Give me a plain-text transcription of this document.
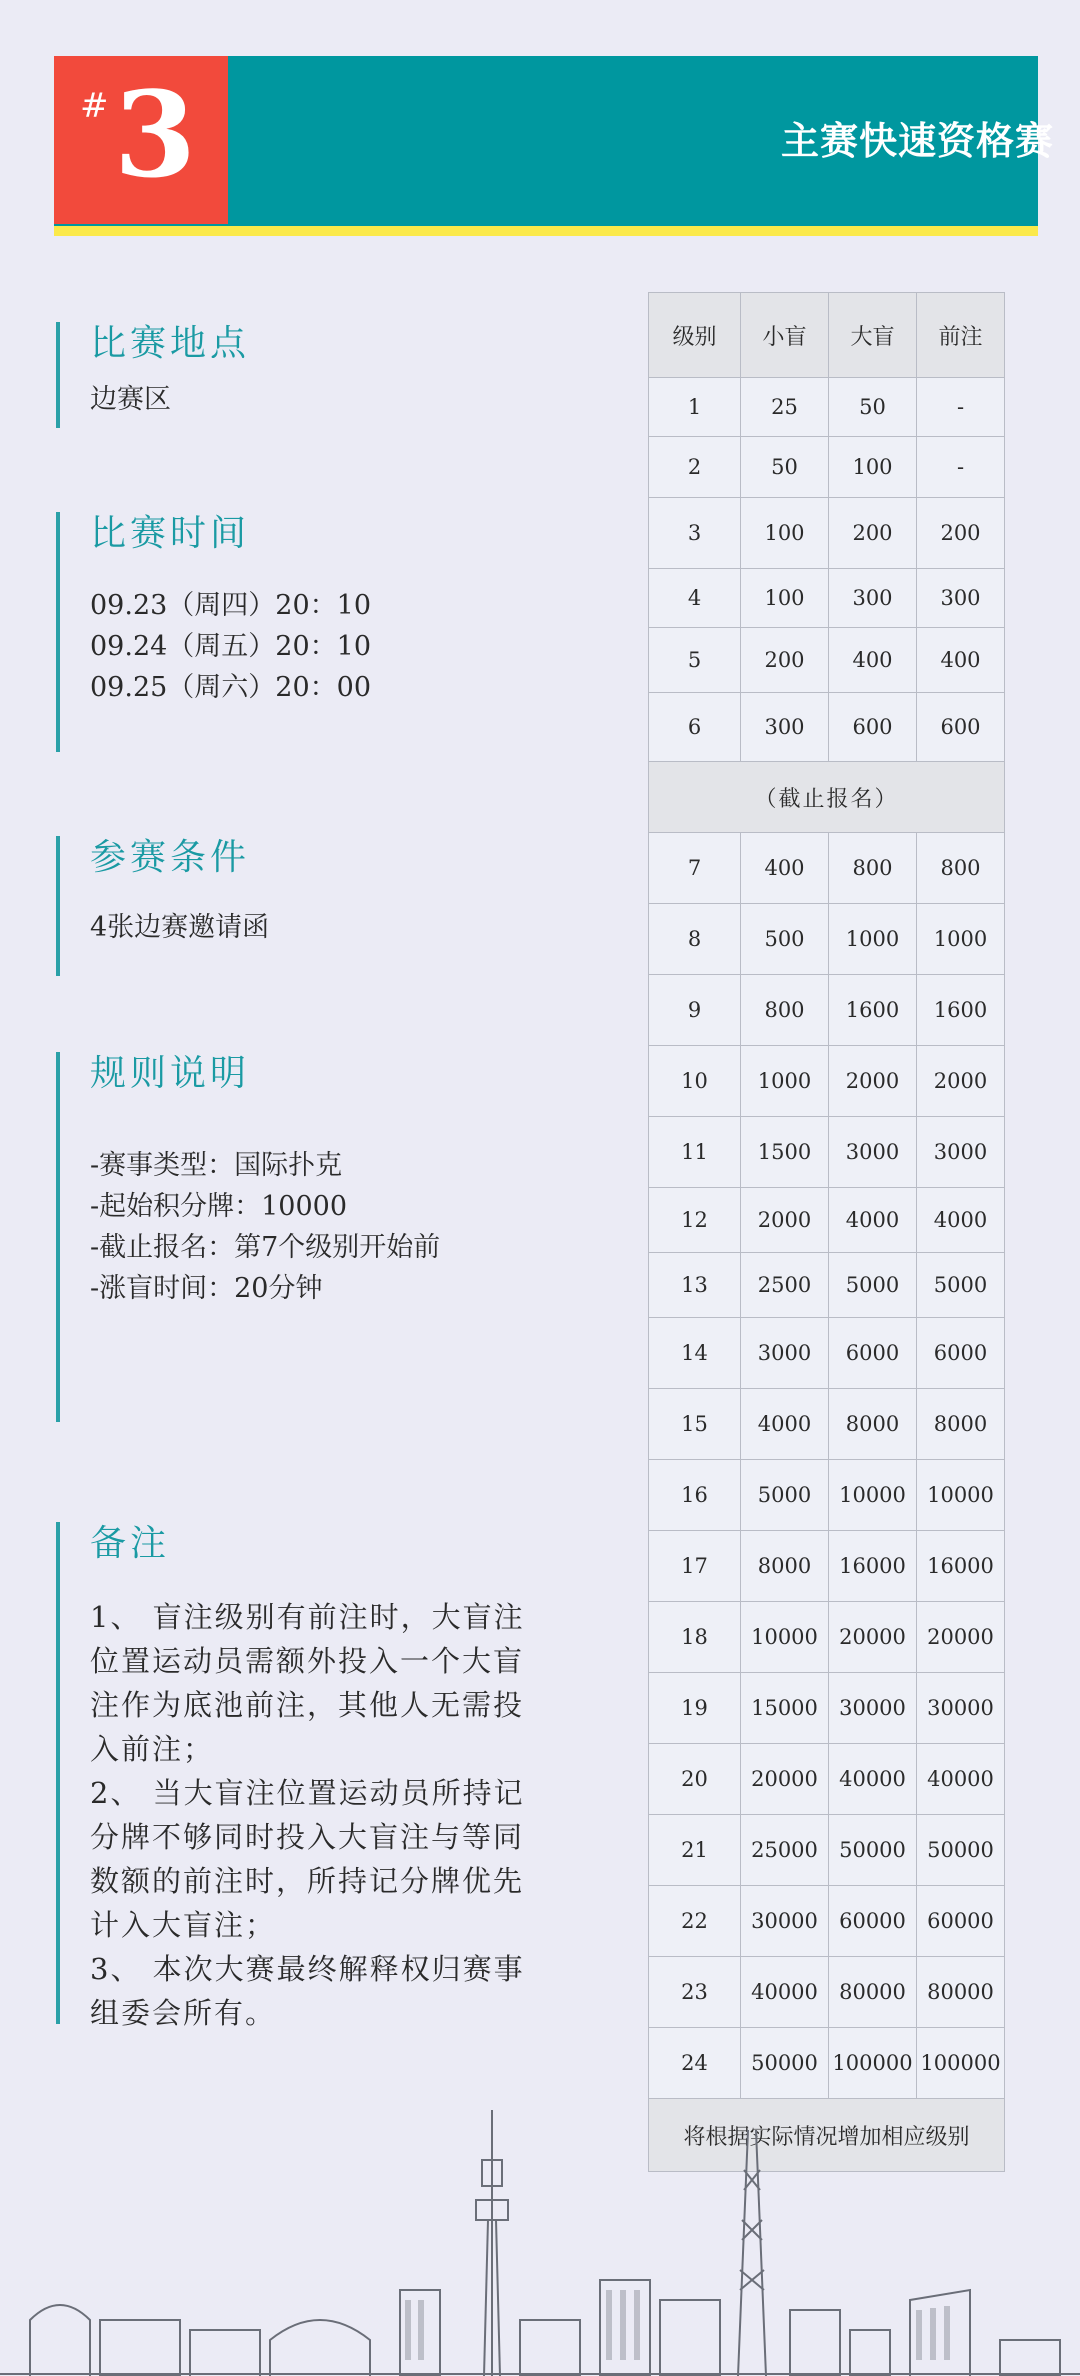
# 3	主赛快速资格赛

比赛地点

边赛区

比赛时间

09.23（周四）20：10

09.24（周五）20：10

09.25（周六）20：00

参赛条件

4张边赛邀请函

规则说明

-赛事类型：国际扑克

-起始积分牌：10000

-截止报名：第7个级别开始前

-涨盲时间：20分钟

备注

1、 盲注级别有前注时，大盲注

位置运动员需额外投入一个大盲

注作为底池前注，其他人无需投

入前注；

2、 当大盲注位置运动员所持记

分牌不够同时投入大盲注与等同

数额的前注时，所持记分牌优先

计入大盲注；

3、 本次大赛最终解释权归赛事

组委会所有。

级别	小盲	大盲	前注
1	25	50	-
2	50	100	-
3	100	200	200
4	100	300	300
5	200	400	400
6	300	600	600
（截止报名）			
7	400	800	800
8	500	1000	1000
9	800	1600	1600
10	1000	2000	2000
11	1500	3000	3000
12	2000	4000	4000
13	2500	5000	5000
14	3000	6000	6000
15	4000	8000	8000
16	5000	10000	10000
17	8000	16000	16000
18	10000	20000	20000
19	15000	30000	30000
20	20000	40000	40000
21	25000	50000	50000
22	30000	60000	60000
23	40000	80000	80000
24	50000	100000	100000
将根据实际情况增加相应级别			
